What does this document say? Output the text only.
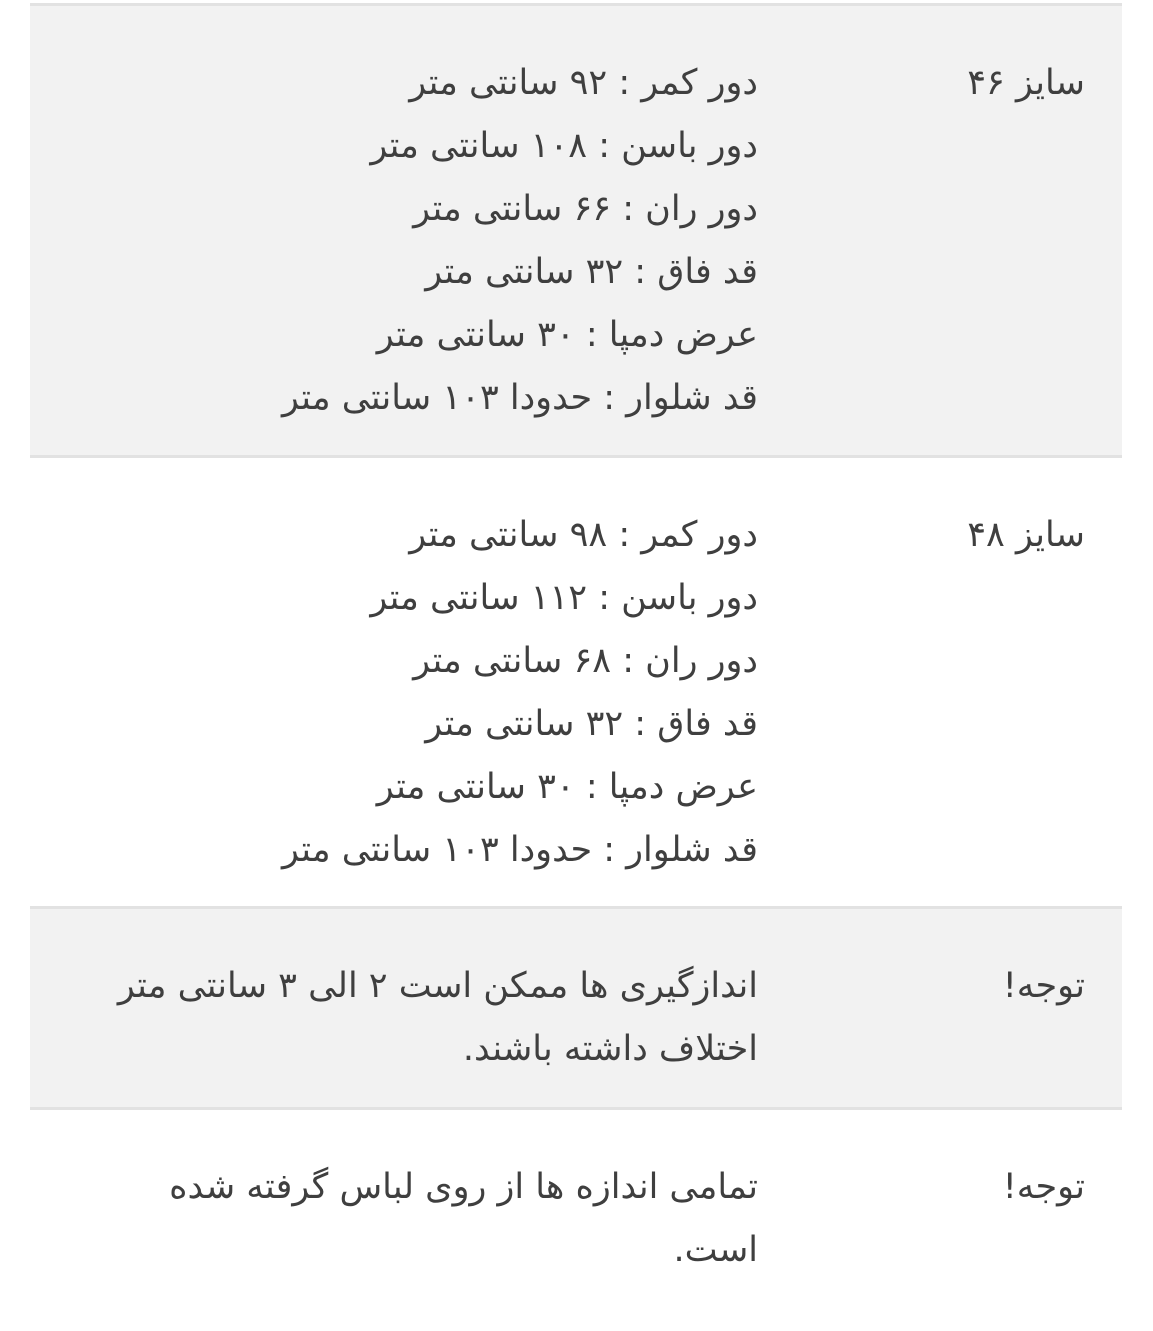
سایز ۴۶
دور کمر : ۹۲ سانتی متر
دور باسن : ۱۰۸ سانتی متر
دور ران : ۶۶ سانتی متر
قد فاق : ۳۲ سانتی متر
عرض دمپا : ۳۰ سانتی متر
قد شلوار : حدودا ۱۰۳ سانتی متر
سایز ۴۸
دور کمر : ۹۸ سانتی متر
دور باسن : ۱۱۲ سانتی متر
دور ران : ۶۸ سانتی متر
قد فاق : ۳۲ سانتی متر
عرض دمپا : ۳۰ سانتی متر
قد شلوار : حدودا ۱۰۳ سانتی متر
توجه!
اندازگیری ها ممکن است ۲ الی ۳ سانتی متر اختلاف داشته باشند.
توجه!
تمامی اندازه ها از روی لباس گرفته شده است.
